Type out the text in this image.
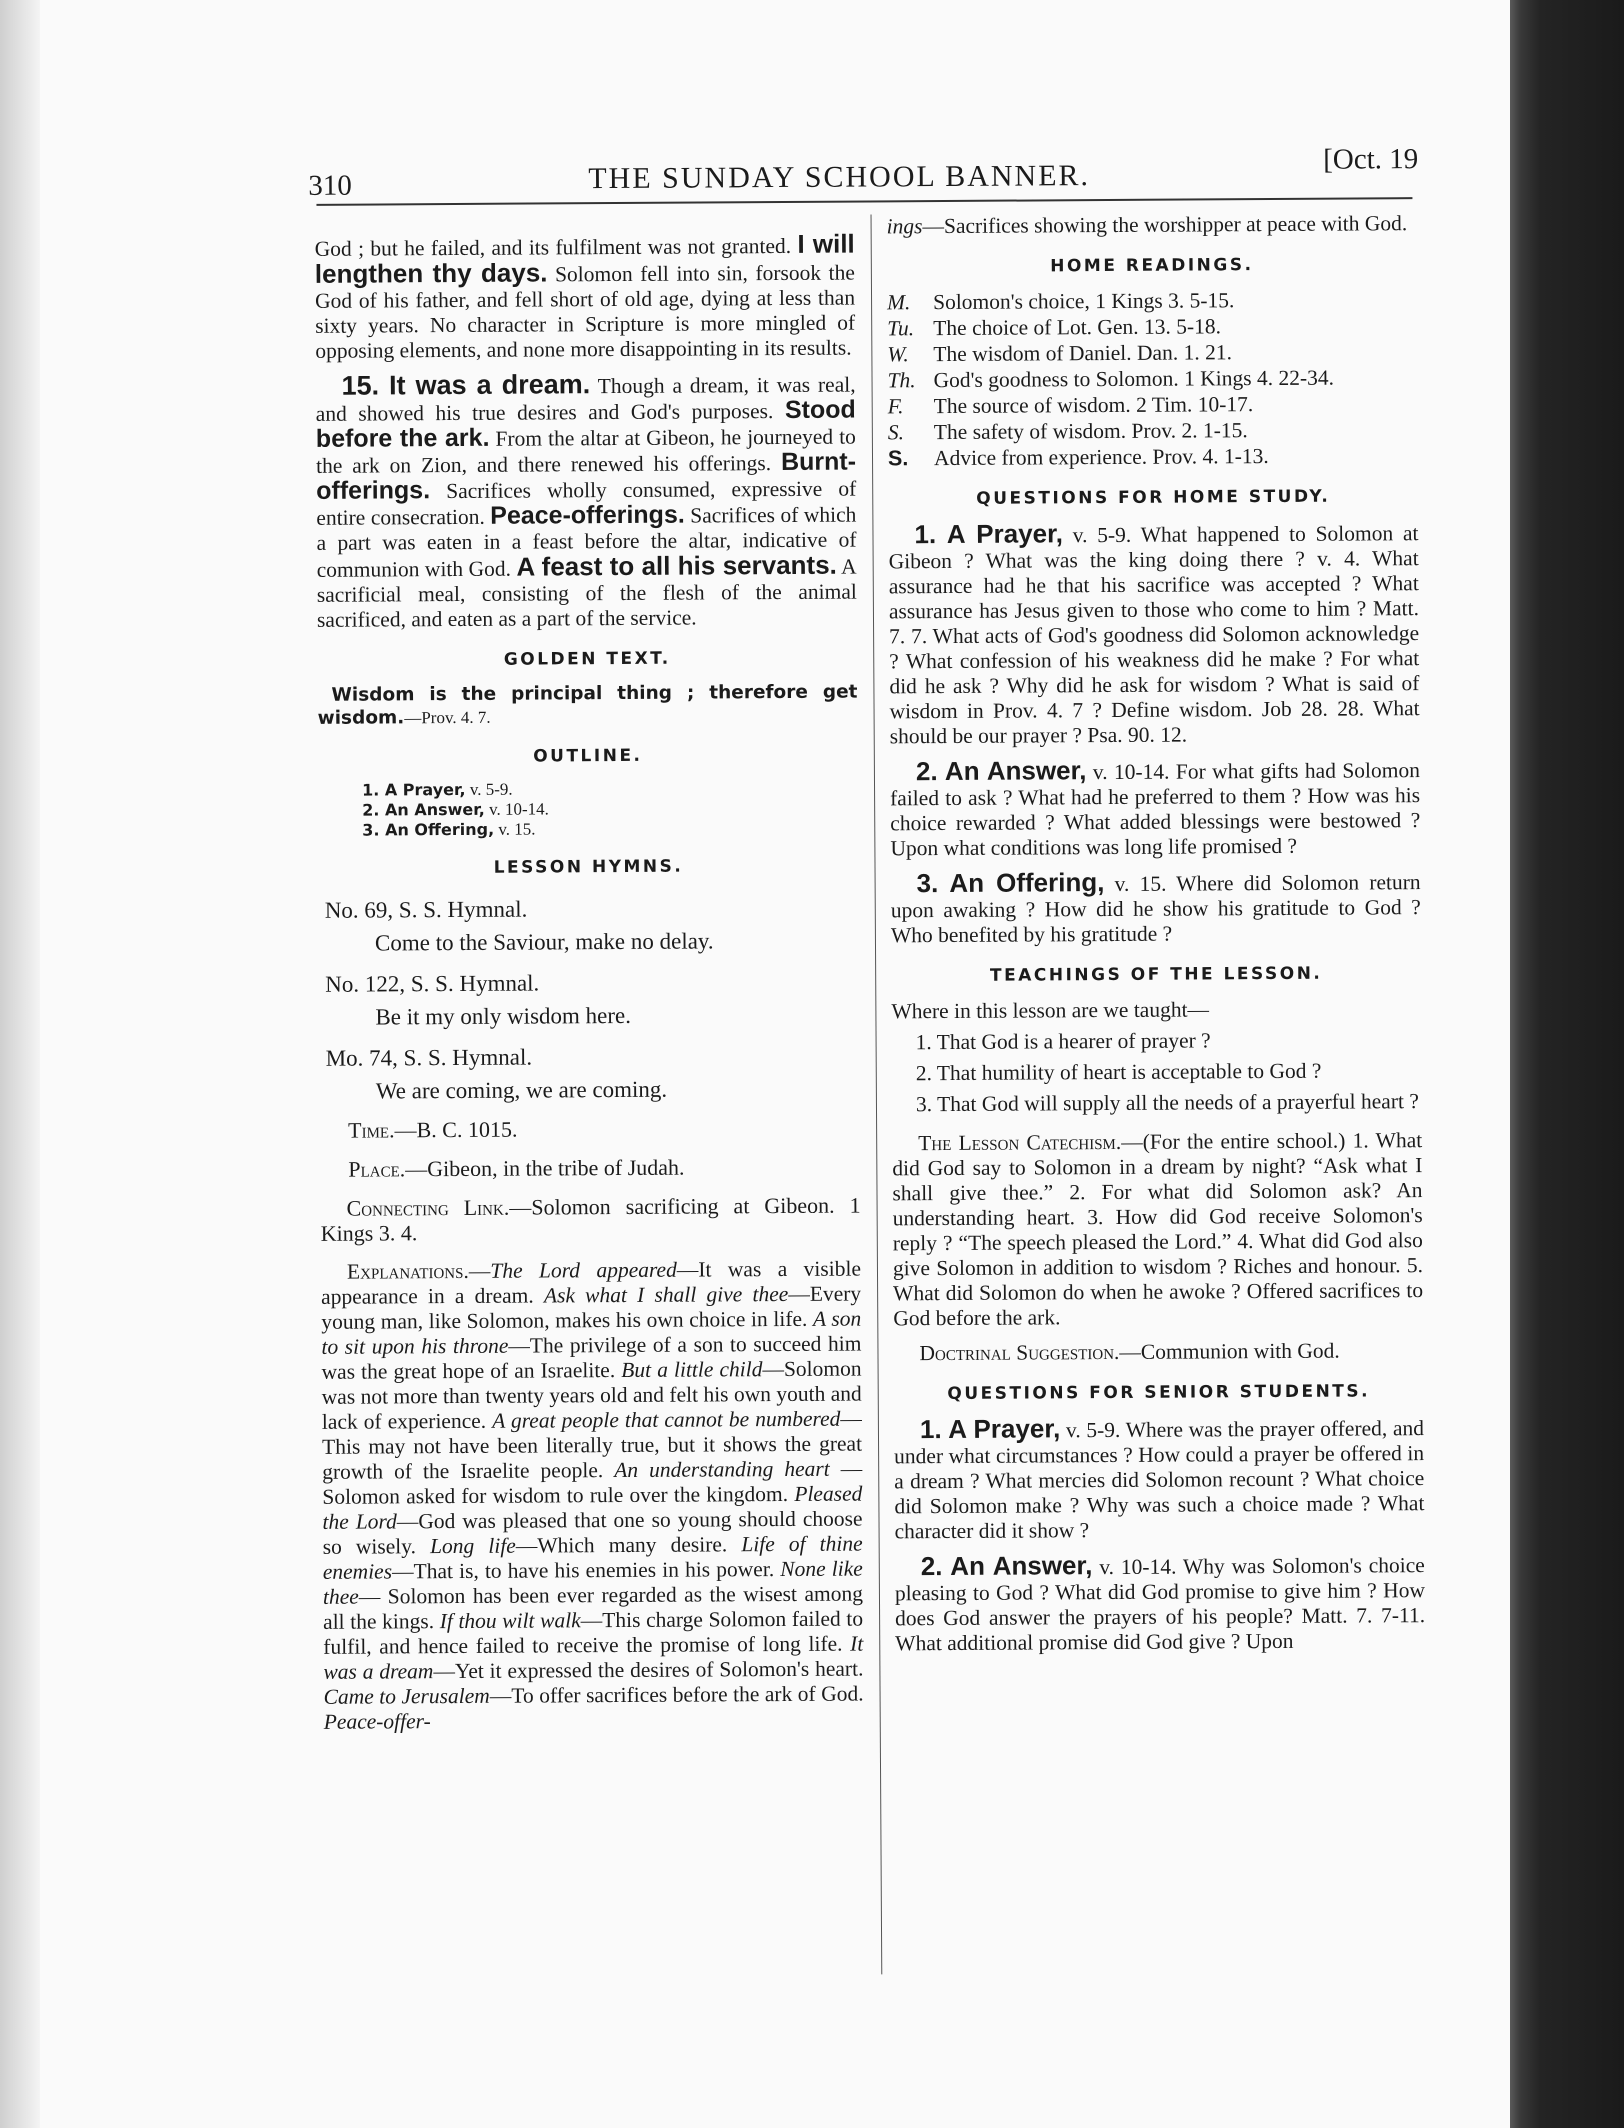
310	THE SUNDAY SCHOOL BANNER.	[Oct. 19

God ; but he failed, and its fulfilment was not granted. I will lengthen thy days. Solomon fell into sin, forsook the God of his father, and fell short of old age, dying at less than sixty years. No character in Scripture is more mingled of opposing elements, and none more disappointing in its results.

15. It was a dream. Though a dream, it was real, and showed his true desires and God's purposes. Stood before the ark. From the altar at Gibeon, he journeyed to the ark on Zion, and there renewed his offerings. Burnt-offerings. Sacrifices wholly consumed, expressive of entire consecration. Peace-offerings. Sacrifices of which a part was eaten in a feast before the altar, indicative of communion with God. A feast to all his servants. A sacrificial meal, consisting of the flesh of the animal sacrificed, and eaten as a part of the service.

GOLDEN TEXT.

Wisdom is the principal thing ; therefore get wisdom.—Prov. 4. 7.

OUTLINE.
1. A Prayer, v. 5-9.
2. An Answer, v. 10-14.
3. An Offering, v. 15.
LESSON HYMNS.
No. 69, S. S. Hymnal.
Come to the Saviour, make no delay.
No. 122, S. S. Hymnal.
Be it my only wisdom here.
Mo. 74, S. S. Hymnal.
We are coming, we are coming.
Time.—B. C. 1015.
Place.—Gibeon, in the tribe of Judah.

Connecting Link.—Solomon sacrificing at Gibeon. 1 Kings 3. 4.

Explanations.—The Lord appeared—It was a visible appearance in a dream. Ask what I shall give thee—Every young man, like Solomon, makes his own choice in life. A son to sit upon his throne—The privilege of a son to succeed him was the great hope of an Israelite. But a little child—Solomon was not more than twenty years old and felt his own youth and lack of experience. A great people that cannot be numbered—This may not have been literally true, but it shows the great growth of the Israelite people. An understanding heart — Solomon asked for wisdom to rule over the kingdom. Pleased the Lord—God was pleased that one so young should choose so wisely. Long life—Which many desire. Life of thine enemies—That is, to have his enemies in his power. None like thee— Solomon has been ever regarded as the wisest among all the kings. If thou wilt walk—This charge Solomon failed to fulfil, and hence failed to receive the promise of long life. It was a dream—Yet it expressed the desires of Solomon's heart. Came to Jerusalem—To offer sacrifices before the ark of God. Peace-offer-

ings—Sacrifices showing the worshipper at peace with God.

HOME READINGS.
M.	Solomon's choice, 1 Kings 3. 5-15.
Tu. The choice of Lot. Gen. 13. 5-18.
W.	The wisdom of Daniel. Dan. 1. 21.
Th. God's goodness to Solomon. 1 Kings 4. 22-34.
F.	The source of wisdom. 2 Tim. 10-17.
S.	The safety of wisdom. Prov. 2. 1-15.
S.	Advice from experience. Prov. 4. 1-13.
QUESTIONS FOR HOME STUDY.

1. A Prayer, v. 5-9. What happened to Solomon at Gibeon ? What was the king doing there ? v. 4. What assurance had he that his sacrifice was accepted ? What assurance has Jesus given to those who come to him ? Matt. 7. 7. What acts of God's goodness did Solomon acknowledge ? What confession of his weakness did he make ? For what did he ask ? Why did he ask for wisdom ? What is said of wisdom in Prov. 4. 7 ? Define wisdom. Job 28. 28. What should be our prayer ? Psa. 90. 12.

2. An Answer, v. 10-14. For what gifts had Solomon failed to ask ? What had he preferred to them ? How was his choice rewarded ? What added blessings were bestowed ? Upon what conditions was long life promised ?

3. An Offering, v. 15. Where did Solomon return upon awaking ? How did he show his gratitude to God ? Who benefited by his gratitude ?

TEACHINGS OF THE LESSON.

Where in this lesson are we taught—

1. That God is a hearer of prayer ?

2. That humility of heart is acceptable to God ?

3. That God will supply all the needs of a prayerful heart ?

The Lesson Catechism.—(For the entire school.) 1. What did God say to Solomon in a dream by night? “Ask what I shall give thee.” 2. For what did Solomon ask? An understanding heart. 3. How did God receive Solomon's reply ? “The speech pleased the Lord.” 4. What did God also give Solomon in addition to wisdom ? Riches and honour. 5. What did Solomon do when he awoke ? Offered sacrifices to God before the ark.

Doctrinal Suggestion.—Communion with God.

QUESTIONS FOR SENIOR STUDENTS.

1. A Prayer, v. 5-9. Where was the prayer offered, and under what circumstances ? How could a prayer be offered in a dream ? What mercies did Solomon recount ? What choice did Solomon make ? Why was such a choice made ? What character did it show ?

2. An Answer, v. 10-14. Why was Solomon's choice pleasing to God ? What did God promise to give him ? How does God answer the prayers of his people? Matt. 7. 7-11. What additional promise did God give ? Upon
